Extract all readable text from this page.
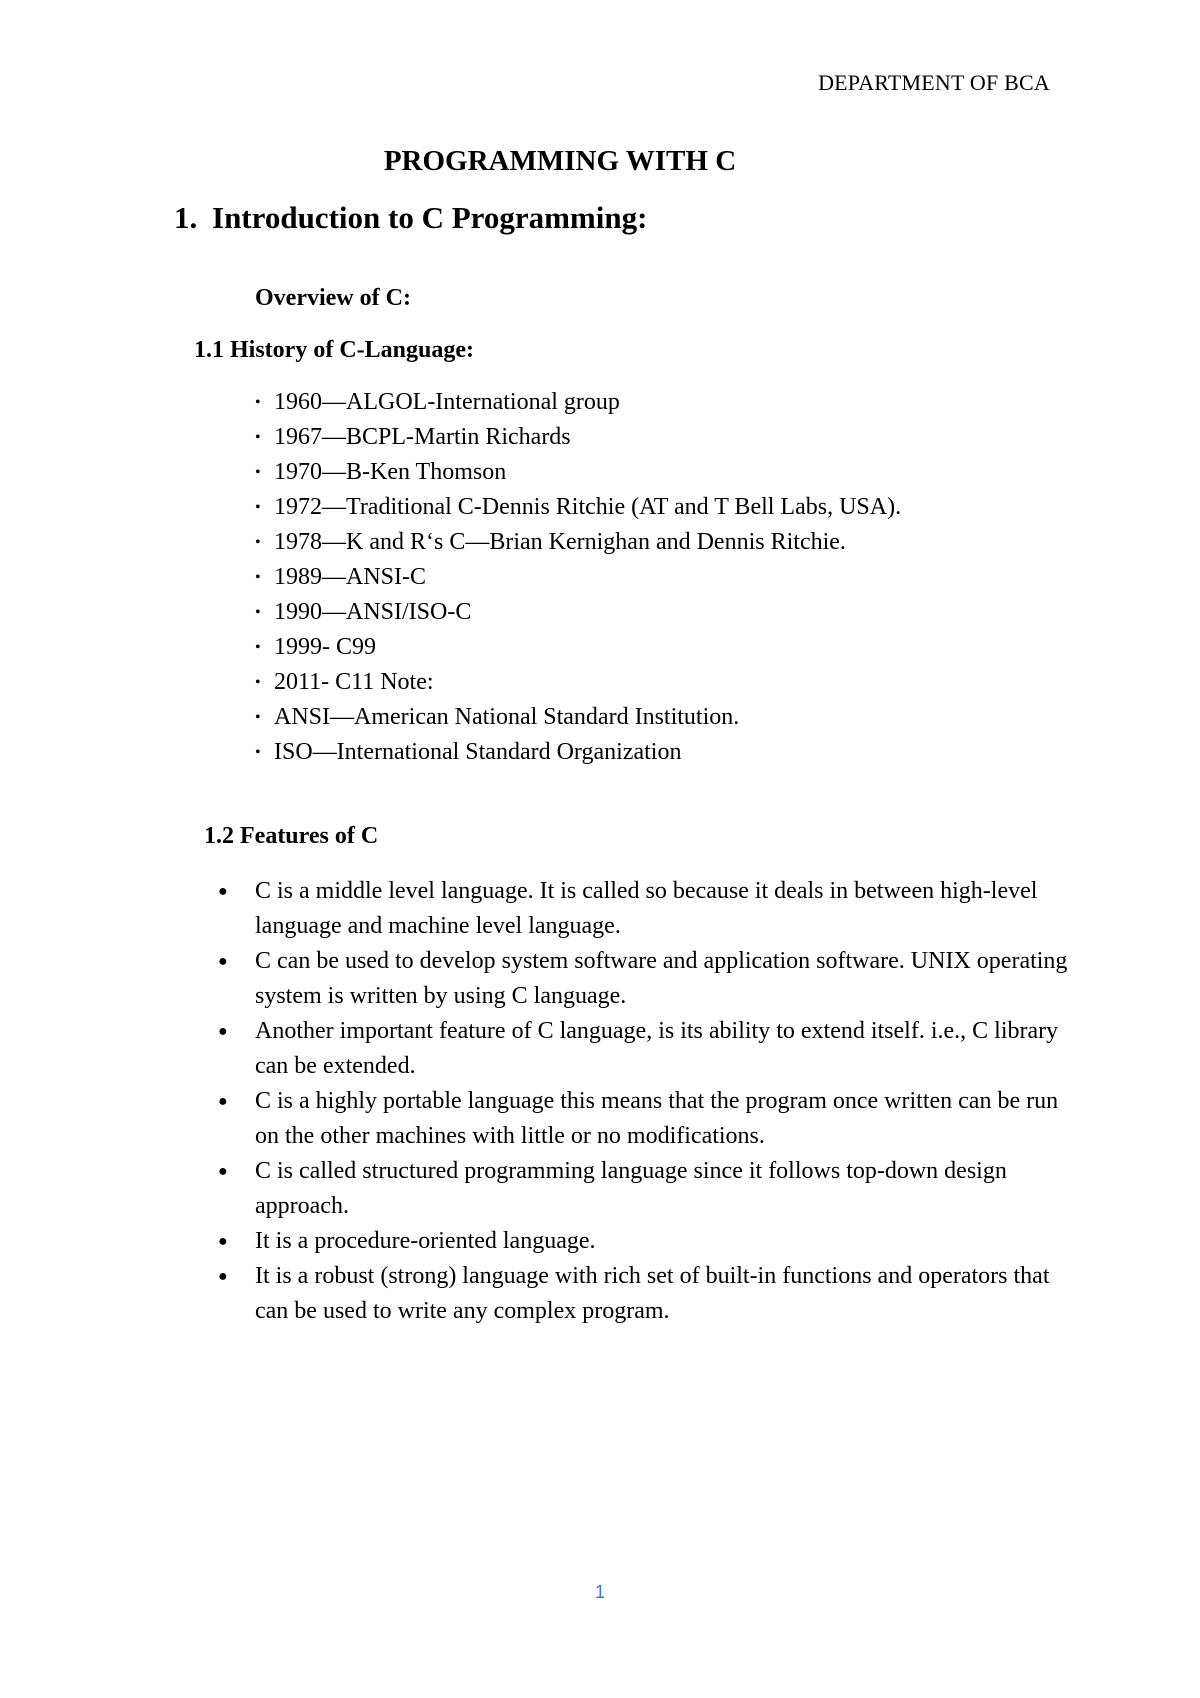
DEPARTMENT OF BCA
PROGRAMMING WITH C
1. Introduction to C Programming:
Overview of C:
1.1 History of C-Language:
• 1960—ALGOL-International group
• 1967—BCPL-Martin Richards
• 1970—B-Ken Thomson
• 1972—Traditional C-Dennis Ritchie (AT and T Bell Labs, USA).
• 1978—K and R‘s C—Brian Kernighan and Dennis Ritchie.
• 1989—ANSI-C
• 1990—ANSI/ISO-C
• 1999- C99
• 2011- C11 Note:
• ANSI—American National Standard Institution.
• ISO—International Standard Organization
1.2 Features of C
● C is a middle level language. It is called so because it deals in between high-level language and machine level language.
● C can be used to develop system software and application software. UNIX operating system is written by using C language.
● Another important feature of C language, is its ability to extend itself. i.e., C library can be extended.
● C is a highly portable language this means that the program once written can be run on the other machines with little or no modifications.
● C is called structured programming language since it follows top-down design approach.
● It is a procedure-oriented language.
● It is a robust (strong) language with rich set of built-in functions and operators that can be used to write any complex program.
1
